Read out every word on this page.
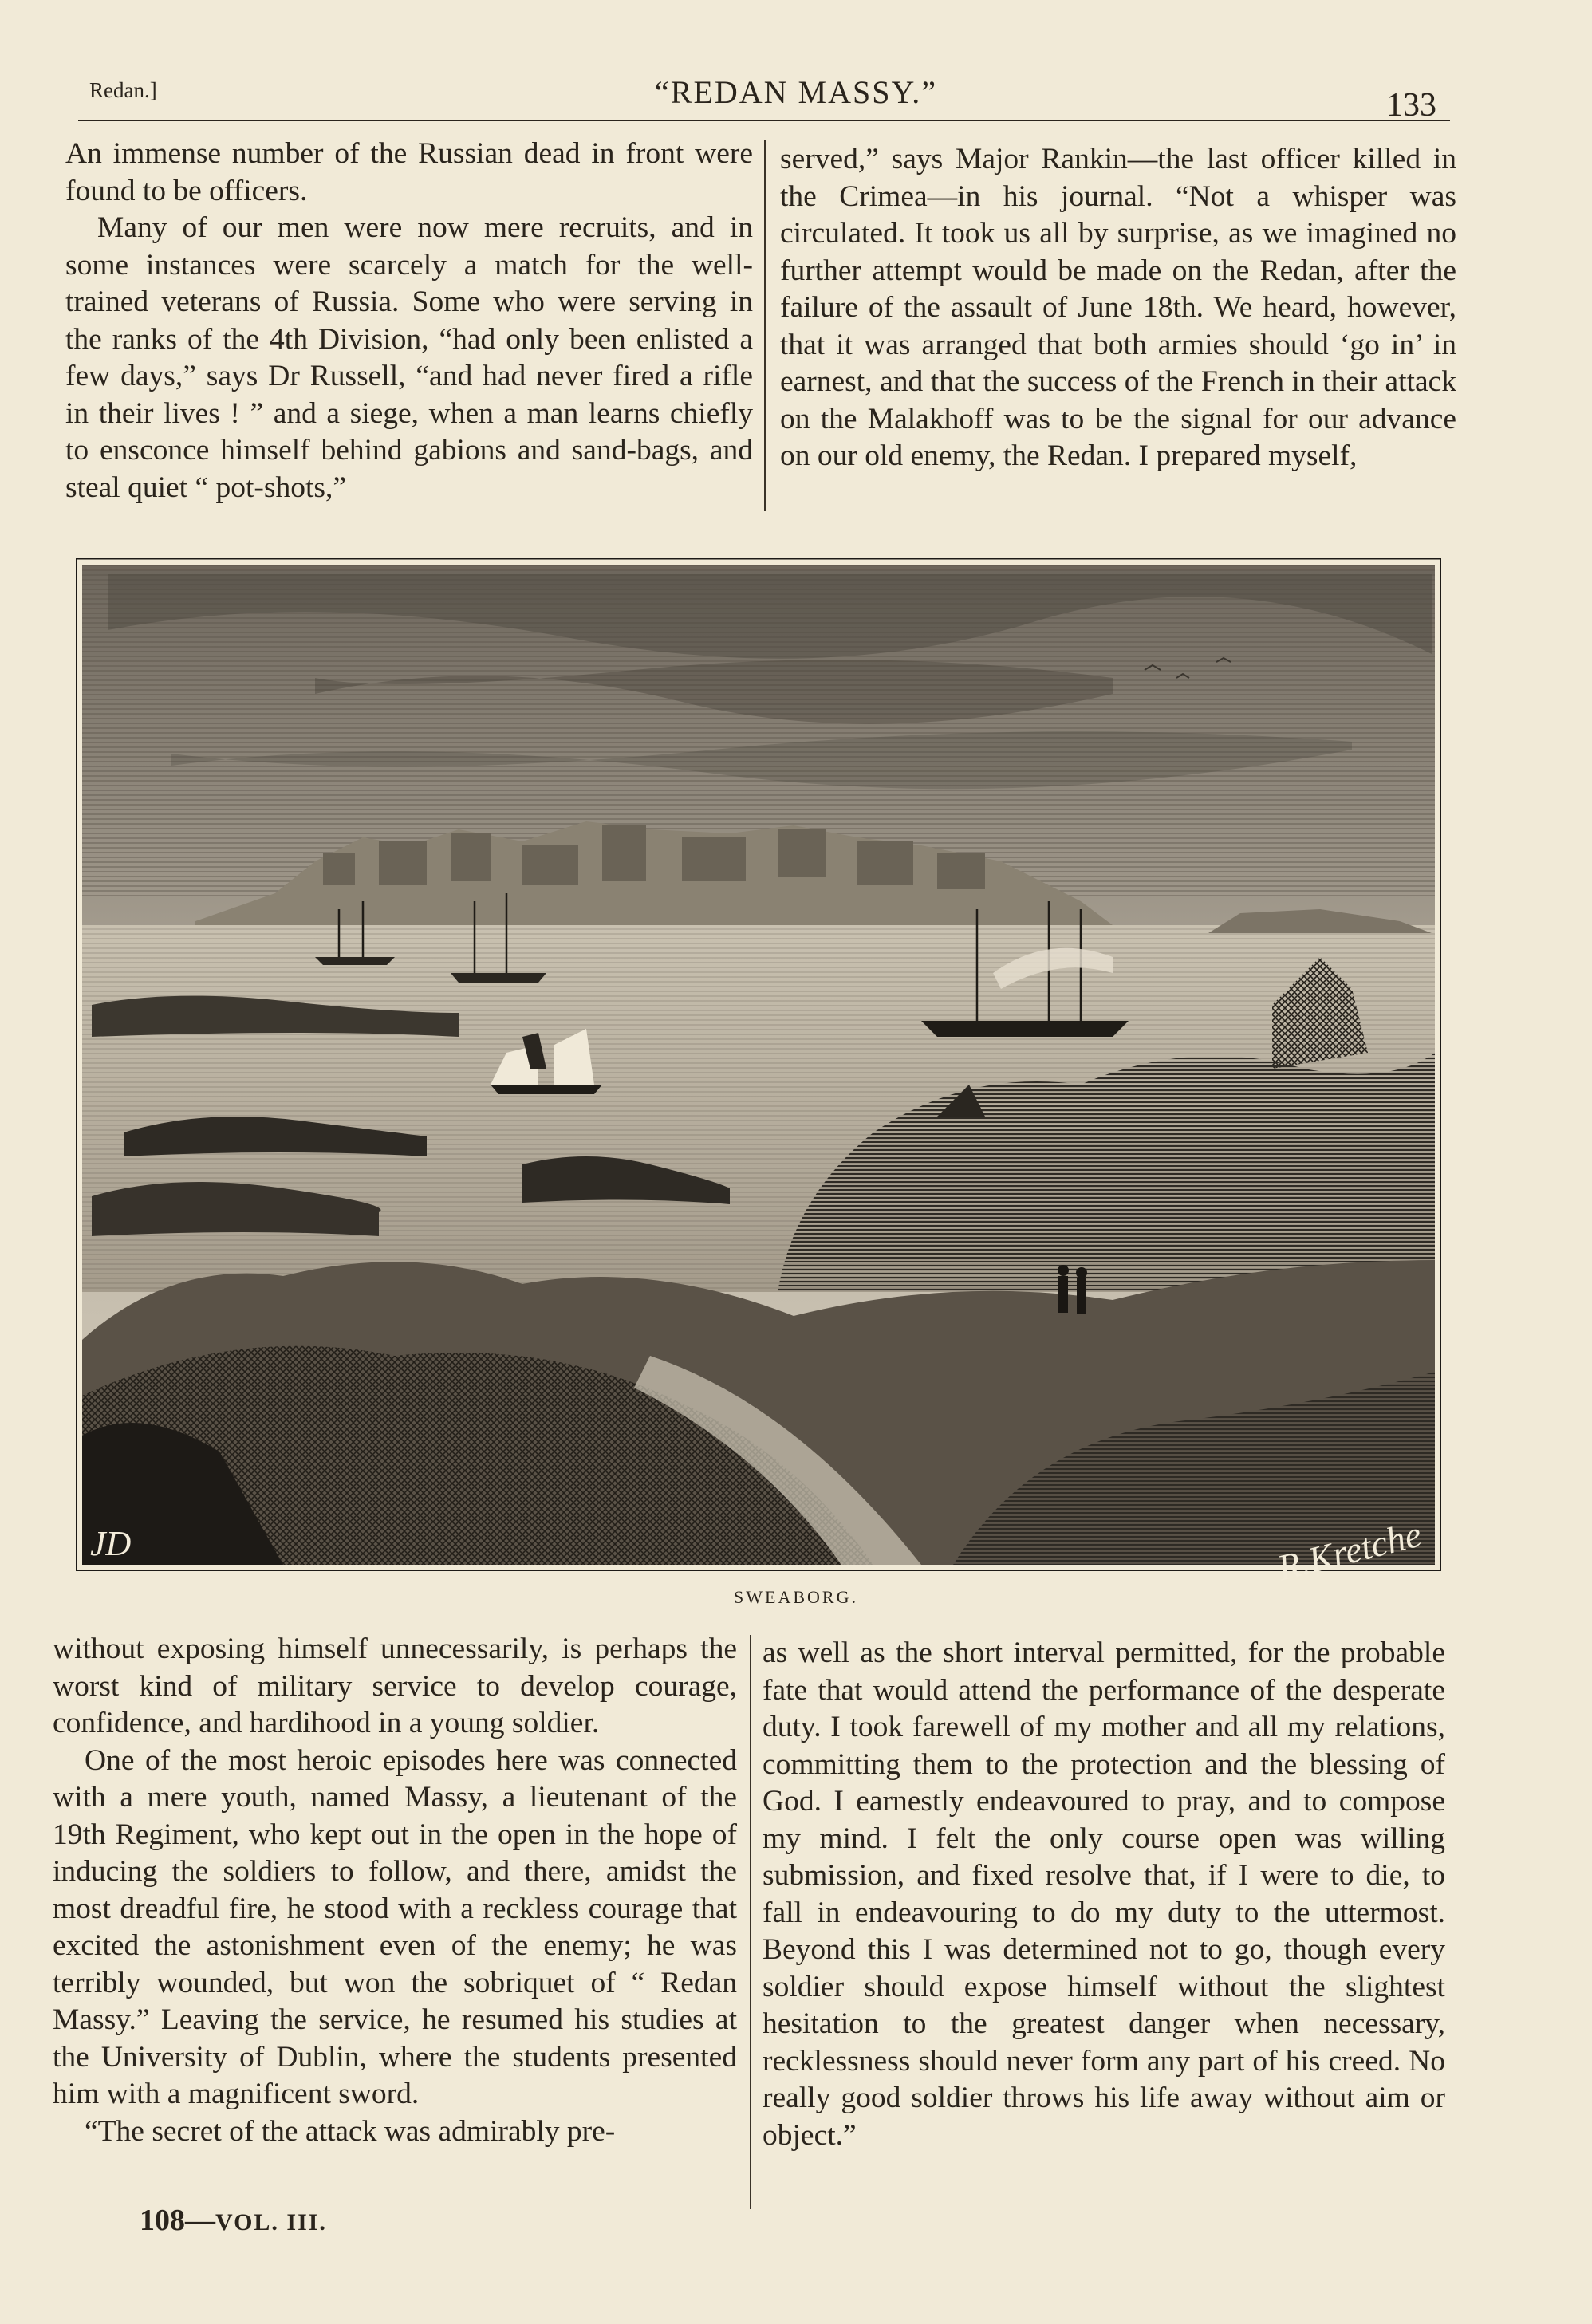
Redan.]	“REDAN MASSY.”	133

An immense number of the Russian dead in front were found to be officers.

Many of our men were now mere recruits, and in some instances were scarcely a match for the well-trained veterans of Russia. Some who were serving in the ranks of the 4th Division, “had only been enlisted a few days,” says Dr Russell, “and had never fired a rifle in their lives ! ” and a siege, when a man learns chiefly to ensconce himself behind gabions and sand-bags, and steal quiet “ pot-shots,”

served,” says Major Rankin—the last officer killed in the Crimea—in his journal. “Not a whisper was circulated. It took us all by surprise, as we imagined no further attempt would be made on the Redan, after the failure of the assault of June 18th. We heard, however, that it was arranged that both armies should ‘go in’ in earnest, and that the success of the French in their attack on the Malakhoff was to be the signal for our advance on our old enemy, the Redan. I prepared myself,

JD	R.Kretche
SWEABORG.

without exposing himself unnecessarily, is perhaps the worst kind of military service to develop courage, confidence, and hardihood in a young soldier.

One of the most heroic episodes here was connected with a mere youth, named Massy, a lieutenant of the 19th Regiment, who kept out in the open in the hope of inducing the soldiers to follow, and there, amidst the most dreadful fire, he stood with a reckless courage that excited the astonishment even of the enemy; he was terribly wounded, but won the sobriquet of “ Redan Massy.” Leaving the service, he resumed his studies at the University of Dublin, where the students presented him with a magnificent sword.

“The secret of the attack was admirably pre-

as well as the short interval permitted, for the probable fate that would attend the performance of the desperate duty. I took farewell of my mother and all my relations, committing them to the protection and the blessing of God. I earnestly endeavoured to pray, and to compose my mind. I felt the only course open was willing submission, and fixed resolve that, if I were to die, to fall in endeavouring to do my duty to the uttermost. Beyond this I was determined not to go, though every soldier should expose himself without the slightest hesitation to the greatest danger when necessary, recklessness should never form any part of his creed. No really good soldier throws his life away without aim or object.”

108—VOL. III.
